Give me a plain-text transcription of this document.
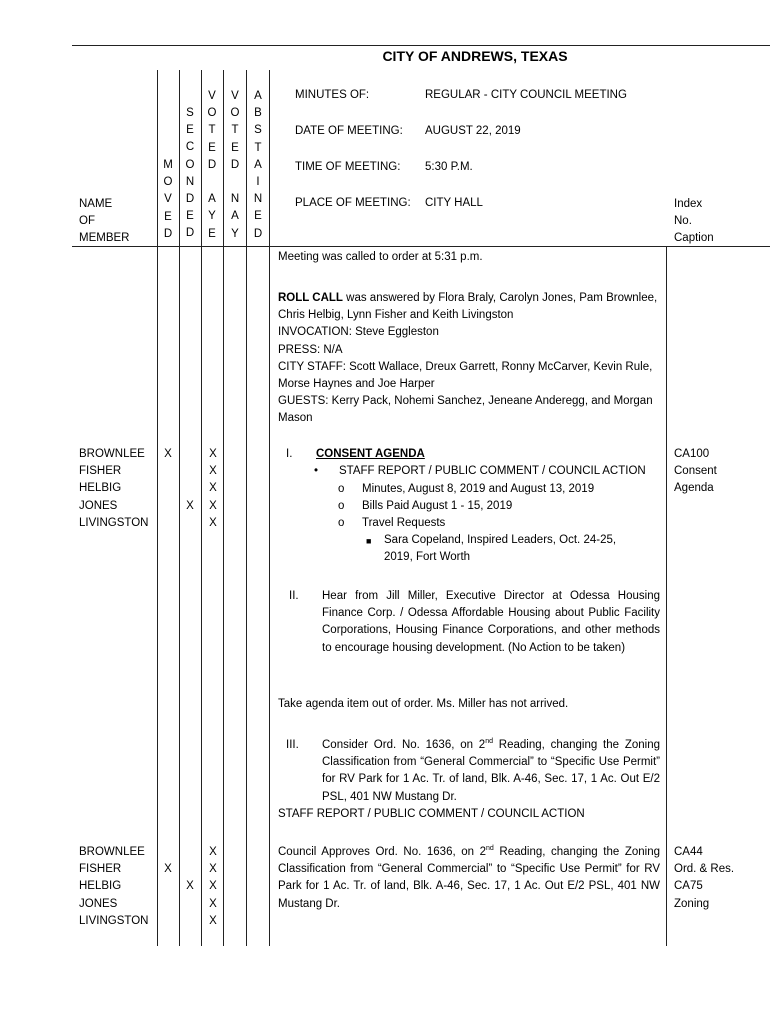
CITY OF ANDREWS, TEXAS
M
O
V
E
D
S
E
C
O
N
D
E
D
V
O
T
E
D
A
Y
E
V
O
T
E
D
N
A
Y
A
B
S
T
A
I
N
E
D
NAME
OF
MEMBER
MINUTES OF:	REGULAR - CITY COUNCIL MEETING
DATE OF MEETING: AUGUST 22, 2019
TIME OF MEETING: 5:30 P.M.
PLACE OF MEETING: CITY HALL	Index
No.
Caption
Meeting was called to order at 5:31 p.m.
ROLL CALL was answered by Flora Braly, Carolyn Jones, Pam Brownlee, Chris Helbig, Lynn Fisher and Keith Livingston
INVOCATION: Steve Eggleston
PRESS: N/A
CITY STAFF: Scott Wallace, Dreux Garrett, Ronny McCarver, Kevin Rule, Morse Haynes and Joe Harper
GUESTS: Kerry Pack, Nohemi Sanchez, Jeneane Anderegg, and Morgan Mason
BROWNLEE
FISHER
HELBIG
JONES
LIVINGSTON
X
X
X
X
X
X
X
I. CONSENT AGENDA
• STAFF REPORT / PUBLIC COMMENT / COUNCIL ACTION
o Minutes, August 8, 2019 and August 13, 2019
o Bills Paid August 1 - 15, 2019
o Travel Requests
■ Sara Copeland, Inspired Leaders, Oct. 24-25, 2019, Fort Worth
CA100
Consent
Agenda
II. Hear from Jill Miller, Executive Director at Odessa Housing Finance Corp. / Odessa Affordable Housing about Public Facility Corporations, Housing Finance Corporations, and other methods to encourage housing development. (No Action to be taken)
Take agenda item out of order. Ms. Miller has not arrived.
III. Consider Ord. No. 1636, on 2nd Reading, changing the Zoning Classification from “General Commercial” to “Specific Use Permit” for RV Park for 1 Ac. Tr. of land, Blk. A-46, Sec. 17, 1 Ac. Out E/2 PSL, 401 NW Mustang Dr.
STAFF REPORT / PUBLIC COMMENT / COUNCIL ACTION
BROWNLEE
FISHER
HELBIG
JONES
LIVINGSTON
X
X
X
X
X
X
X
Council Approves Ord. No. 1636, on 2nd Reading, changing the Zoning Classification from “General Commercial” to “Specific Use Permit” for RV Park for 1 Ac. Tr. of land, Blk. A-46, Sec. 17, 1 Ac. Out E/2 PSL, 401 NW Mustang Dr.
CA44
Ord. & Res.
CA75
Zoning
